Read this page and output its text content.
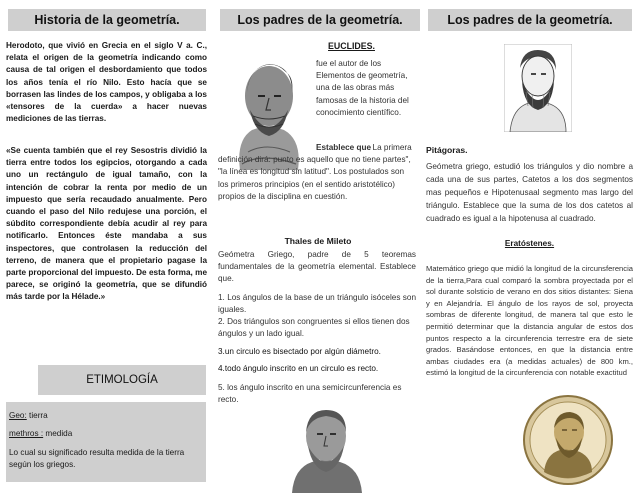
Historia de la geometría.

Herodoto, que vivió en Grecia en el siglo V a. C., relata el origen de la geometría indicando como causa de tal origen el desbordamiento que todos los años tenía el río Nilo. Esto hacía que se borrasen las lindes de los campos, y obligaba a los «tensores de la cuerda» a hacer nuevas mediciones de las tierras.

«Se cuenta también que el rey Sesostris dividió la tierra entre todos los egipcios, otorgando a cada uno un rectángulo de igual tamaño, con la intención de cobrar la renta por medio de un impuesto que sería recaudado anualmente. Pero cuando el paso del Nilo redujese una porción, el súbdito correspondiente debía acudir al rey para notificarlo. Entonces éste mandaba a sus inspectores, que controlasen la reducción del terreno, de manera que el propietario pagase la parte proporcional del impuesto. De esta forma, me parece, se originó la geometría, que se difundió más tarde por la Hélade.»

ETIMOLOGÍA
Geo: tierra
methros : medida
Lo cual su significado resulta medida de la tierra según los griegos.
Los padres de la geometría.
EUCLIDES.

fue el autor de los Elementos de geometría, una de las obras más famosas de la historia del conocimiento científico.

Establece que

. La primera definición dirá: punto es aquello que no tiene partes", "la línea es longitud sin latitud". Los postulados son los primeros principios (en el sentido aristotélico) propios de la disciplina en cuestión.

Thales de Mileto

Geómetra Griego, padre de 5 teoremas fundamentales de la geometría elemental. Establece que.

1. Los ángulos de la base de un triángulo isóceles son iguales.

2. Dos triángulos son congruentes si ellos tienen dos ángulos y un lado igual.

3.un circulo es bisectado por algún diámetro.

4.todo ángulo inscrito en un circulo es recto.

5. los ángulo inscrito en una semicircunferencia es recto.

Los padres de la geometría.
Pitágoras.

Geómetra griego, estudió los triángulos y dio nombre a cada una de sus partes, Catetos a los dos segmentos mas pequeños e Hipotenusaal segmento mas largo del triángulo. Establece que la suma de los dos catetos al cuadrado es igual a la hipotenusa al cuadrado.

Eratóstenes.

Matemático griego que midió la longitud de la circunsferencia de la tierra,Para cual comparó la sombra proyectada por el sol durante solsticio de verano en dos sitios distantes: Siena y en Alejandría. El ángulo de los rayos de sol, proyecta sombras de diferente longitud, de manera tal que esto le permitió determinar que la distancia angular de estos dos puntos respecto a la circunferencia terrestre era de siete grados. Basándose entonces, en que la distancia entre ambas ciudades era (a medidas actuales) de 800 km., estimó la longitud de la circunferencia con notable exactitud
